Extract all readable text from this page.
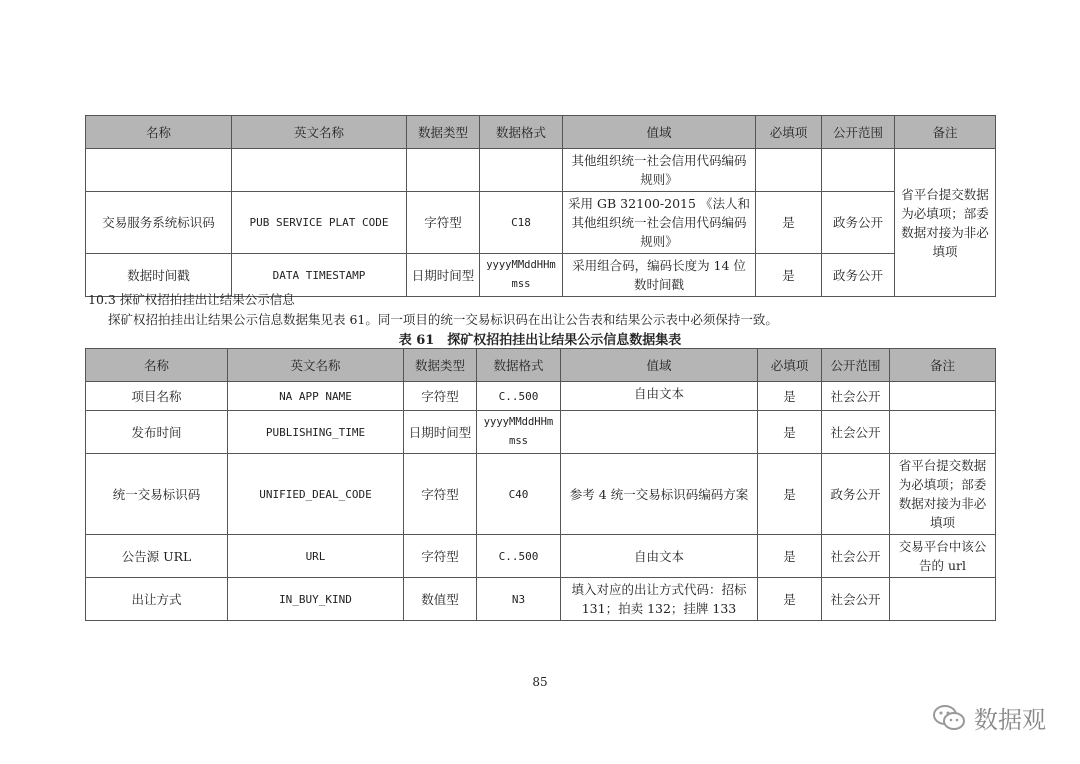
名称	英文名称	数据类型	数据格式	值域	必填项	公开范围	备注
				其他组织统一社会信用代码编码规则》			省平台提交数据为必填项；部委数据对接为非必填项
交易服务系统标识码	PUB SERVICE PLAT CODE	字符型	C18	采用 GB 32100-2015 《法人和其他组织统一社会信用代码编码规则》	是	政务公开	
数据时间戳	DATA TIMESTAMP	日期时间型	yyyyMMddHHmmss	采用组合码，编码长度为 14 位数时间戳	是	政务公开	
10.3 探矿权招拍挂出让结果公示信息
探矿权招拍挂出让结果公示信息数据集见表 61。同一项目的统一交易标识码在出让公告表和结果公示表中必须保持一致。
表 61　探矿权招拍挂出让结果公示信息数据集表
名称	英文名称	数据类型	数据格式	值域	必填项	公开范围	备注
项目名称	NA APP NAME	字符型	C..500	自由文本	是	社会公开	
发布时间	PUBLISHING_TIME	日期时间型	yyyyMMddHHmmss		是	社会公开	
统一交易标识码	UNIFIED_DEAL_CODE	字符型	C40	参考 4 统一交易标识码编码方案	是	政务公开	省平台提交数据为必填项；部委数据对接为非必填项
公告源 URL	URL	字符型	C..500	自由文本	是	社会公开	交易平台中该公告的 url
出让方式	IN_BUY_KIND	数值型	N3	填入对应的出让方式代码：招标131；拍卖 132；挂牌 133	是	社会公开	
85
数据观
